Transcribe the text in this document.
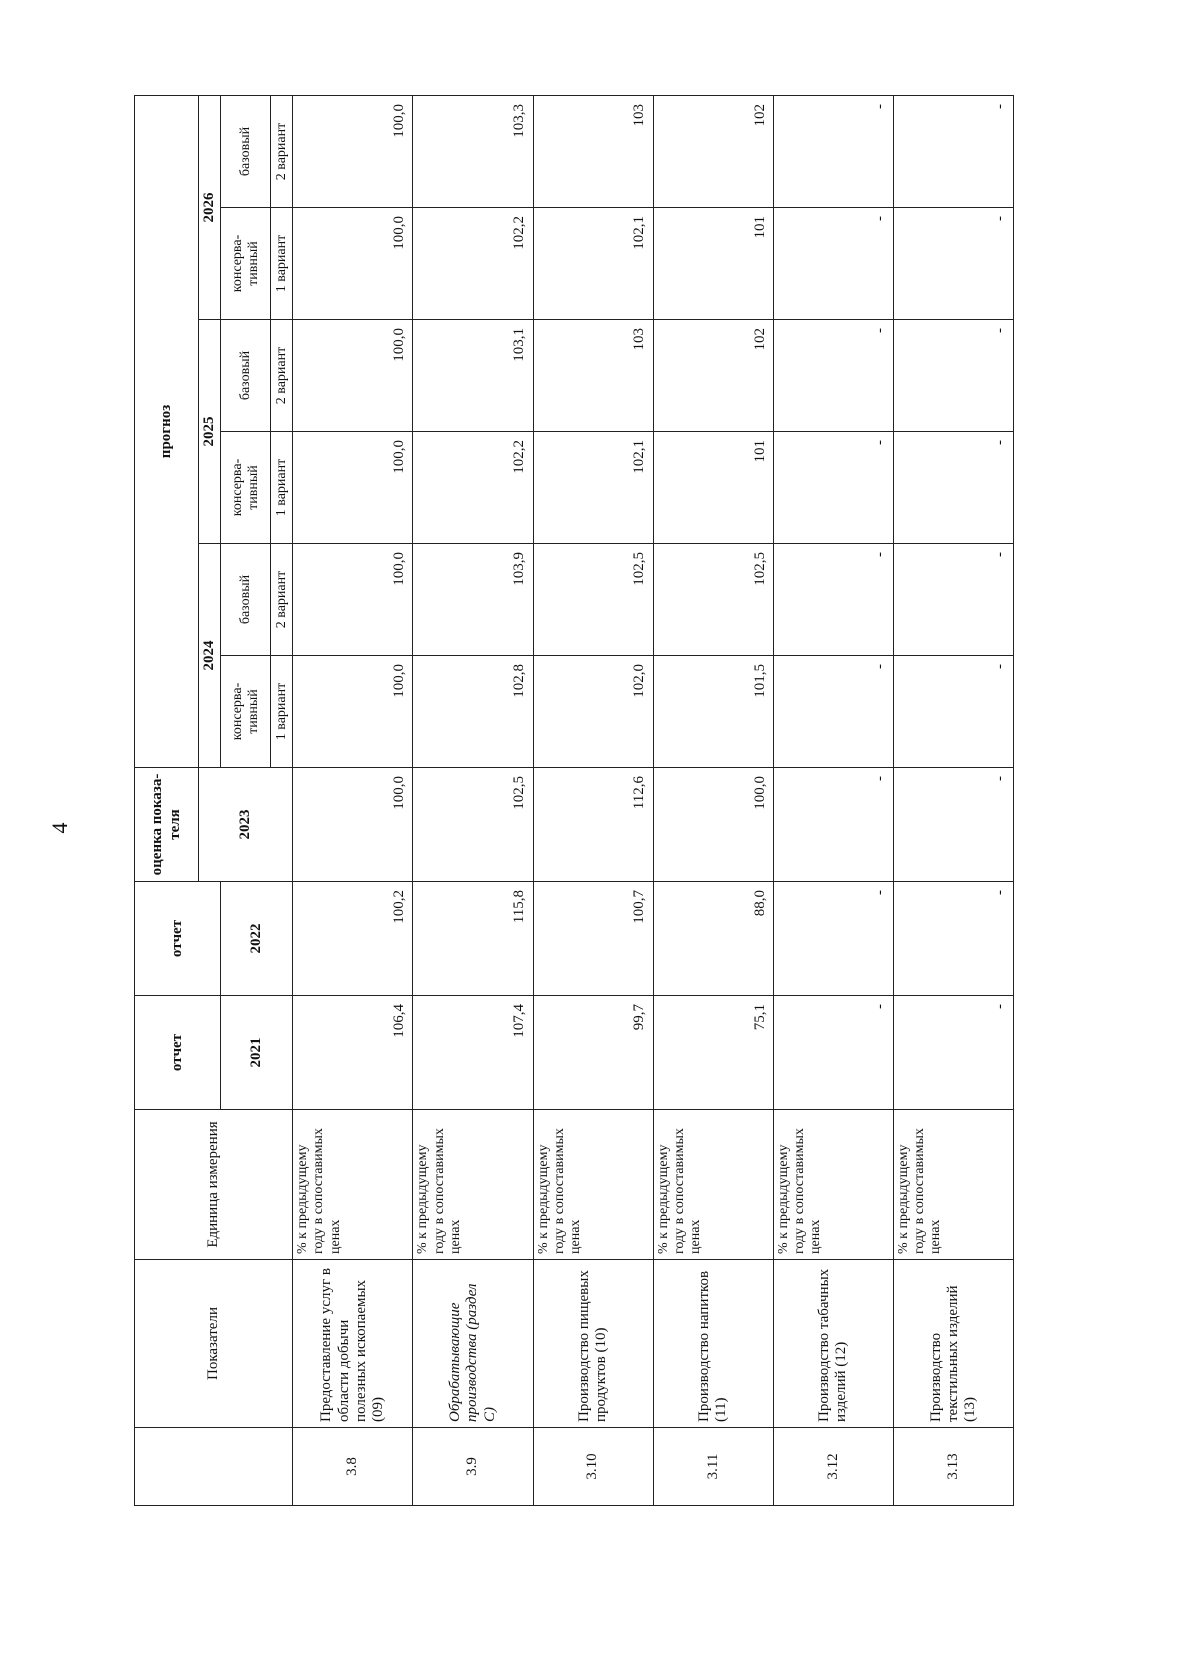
4
	Показатели	Единица измерения	отчет	отчет	оценка показа-теля	прогноз					
					2023	2024		2025		2026	
			2021	2022		консерва-тивный	базовый	консерва-тивный	базовый	консерва-тивный	базовый
						1 вариант	2 вариант	1 вариант	2 вариант	1 вариант	2 вариант
3.8	Предоставление услуг в области добычи полезных ископаемых (09)	% к предыдущему году в сопоставимых ценах	106,4	100,2	100,0	100,0	100,0	100,0	100,0	100,0	100,0
3.9	Обрабатывающие производства (раздел C)	% к предыдущему году в сопоставимых ценах	107,4	115,8	102,5	102,8	103,9	102,2	103,1	102,2	103,3
3.10	Производство пищевых продуктов (10)	% к предыдущему году в сопоставимых ценах	99,7	100,7	112,6	102,0	102,5	102,1	103	102,1	103
3.11	Производство напитков (11)	% к предыдущему году в сопоставимых ценах	75,1	88,0	100,0	101,5	102,5	101	102	101	102
3.12	Производство табачных изделий (12)	% к предыдущему году в сопоставимых ценах	-	-	-	-	-	-	-	-	-
3.13	Производство текстильных изделий (13)	% к предыдущему году в сопоставимых ценах	-	-	-	-	-	-	-	-	-
